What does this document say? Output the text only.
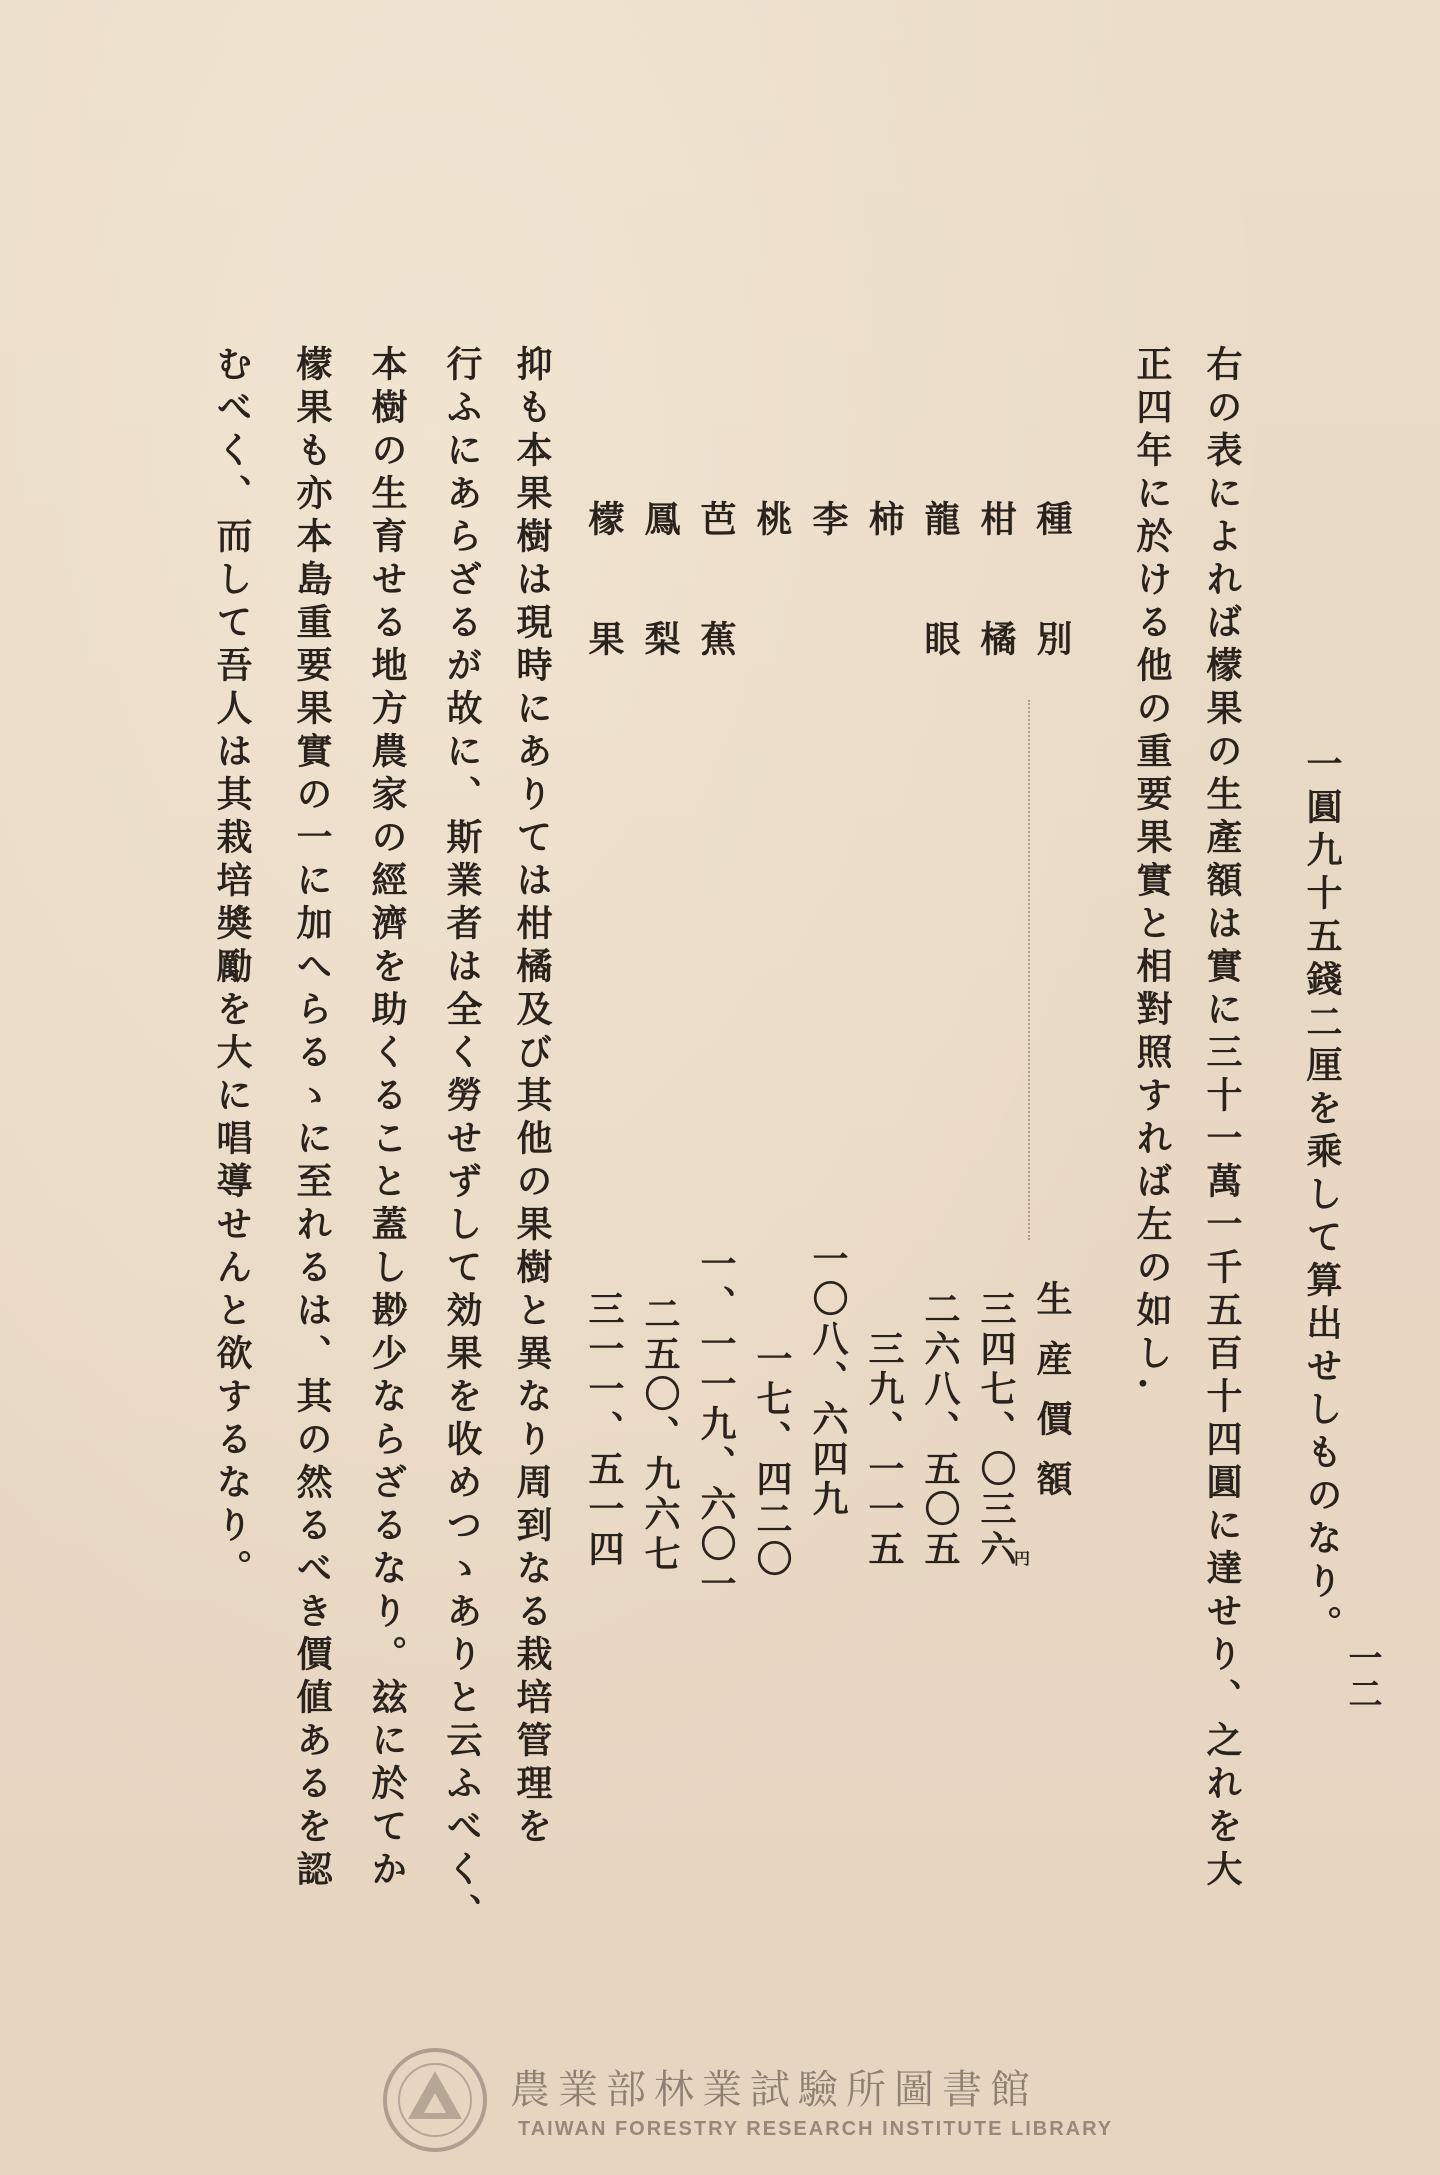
一二
一圓九十五錢二厘を乘して算出せしものなり。
右の表によれば檬果の生產額は實に三十一萬一千五百十四圓に達せり、之れを大
正四年に於ける他の重要果實と相對照すれば左の如し.
種　別
生産價額
柑　橘
三四七、〇三六
円
龍　眼
二六八、五〇五
柿
三九、一一五
李
一〇八、六四九
桃
一七、四二〇
芭　蕉
一、一一九、六〇一
鳳　梨
二五〇、九六七
檬　果
三一一、五一四
抑も本果樹は現時にありては柑橘及び其他の果樹と異なり周到なる栽培管理を
行ふにあらざるが故に、斯業者は全く勞せずして効果を收めつゝありと云ふべく、
本樹の生育せる地方農家の經濟を助くること蓋し尠少ならざるなり。玆に於てか
檬果も亦本島重要果實の一に加へらるゝに至れるは、其の然るべき價値あるを認
むべく、而して吾人は其栽培奬勵を大に唱導せんと欲するなり。
農業部林業試驗所圖書館
TAIWAN FORESTRY RESEARCH INSTITUTE LIBRARY
